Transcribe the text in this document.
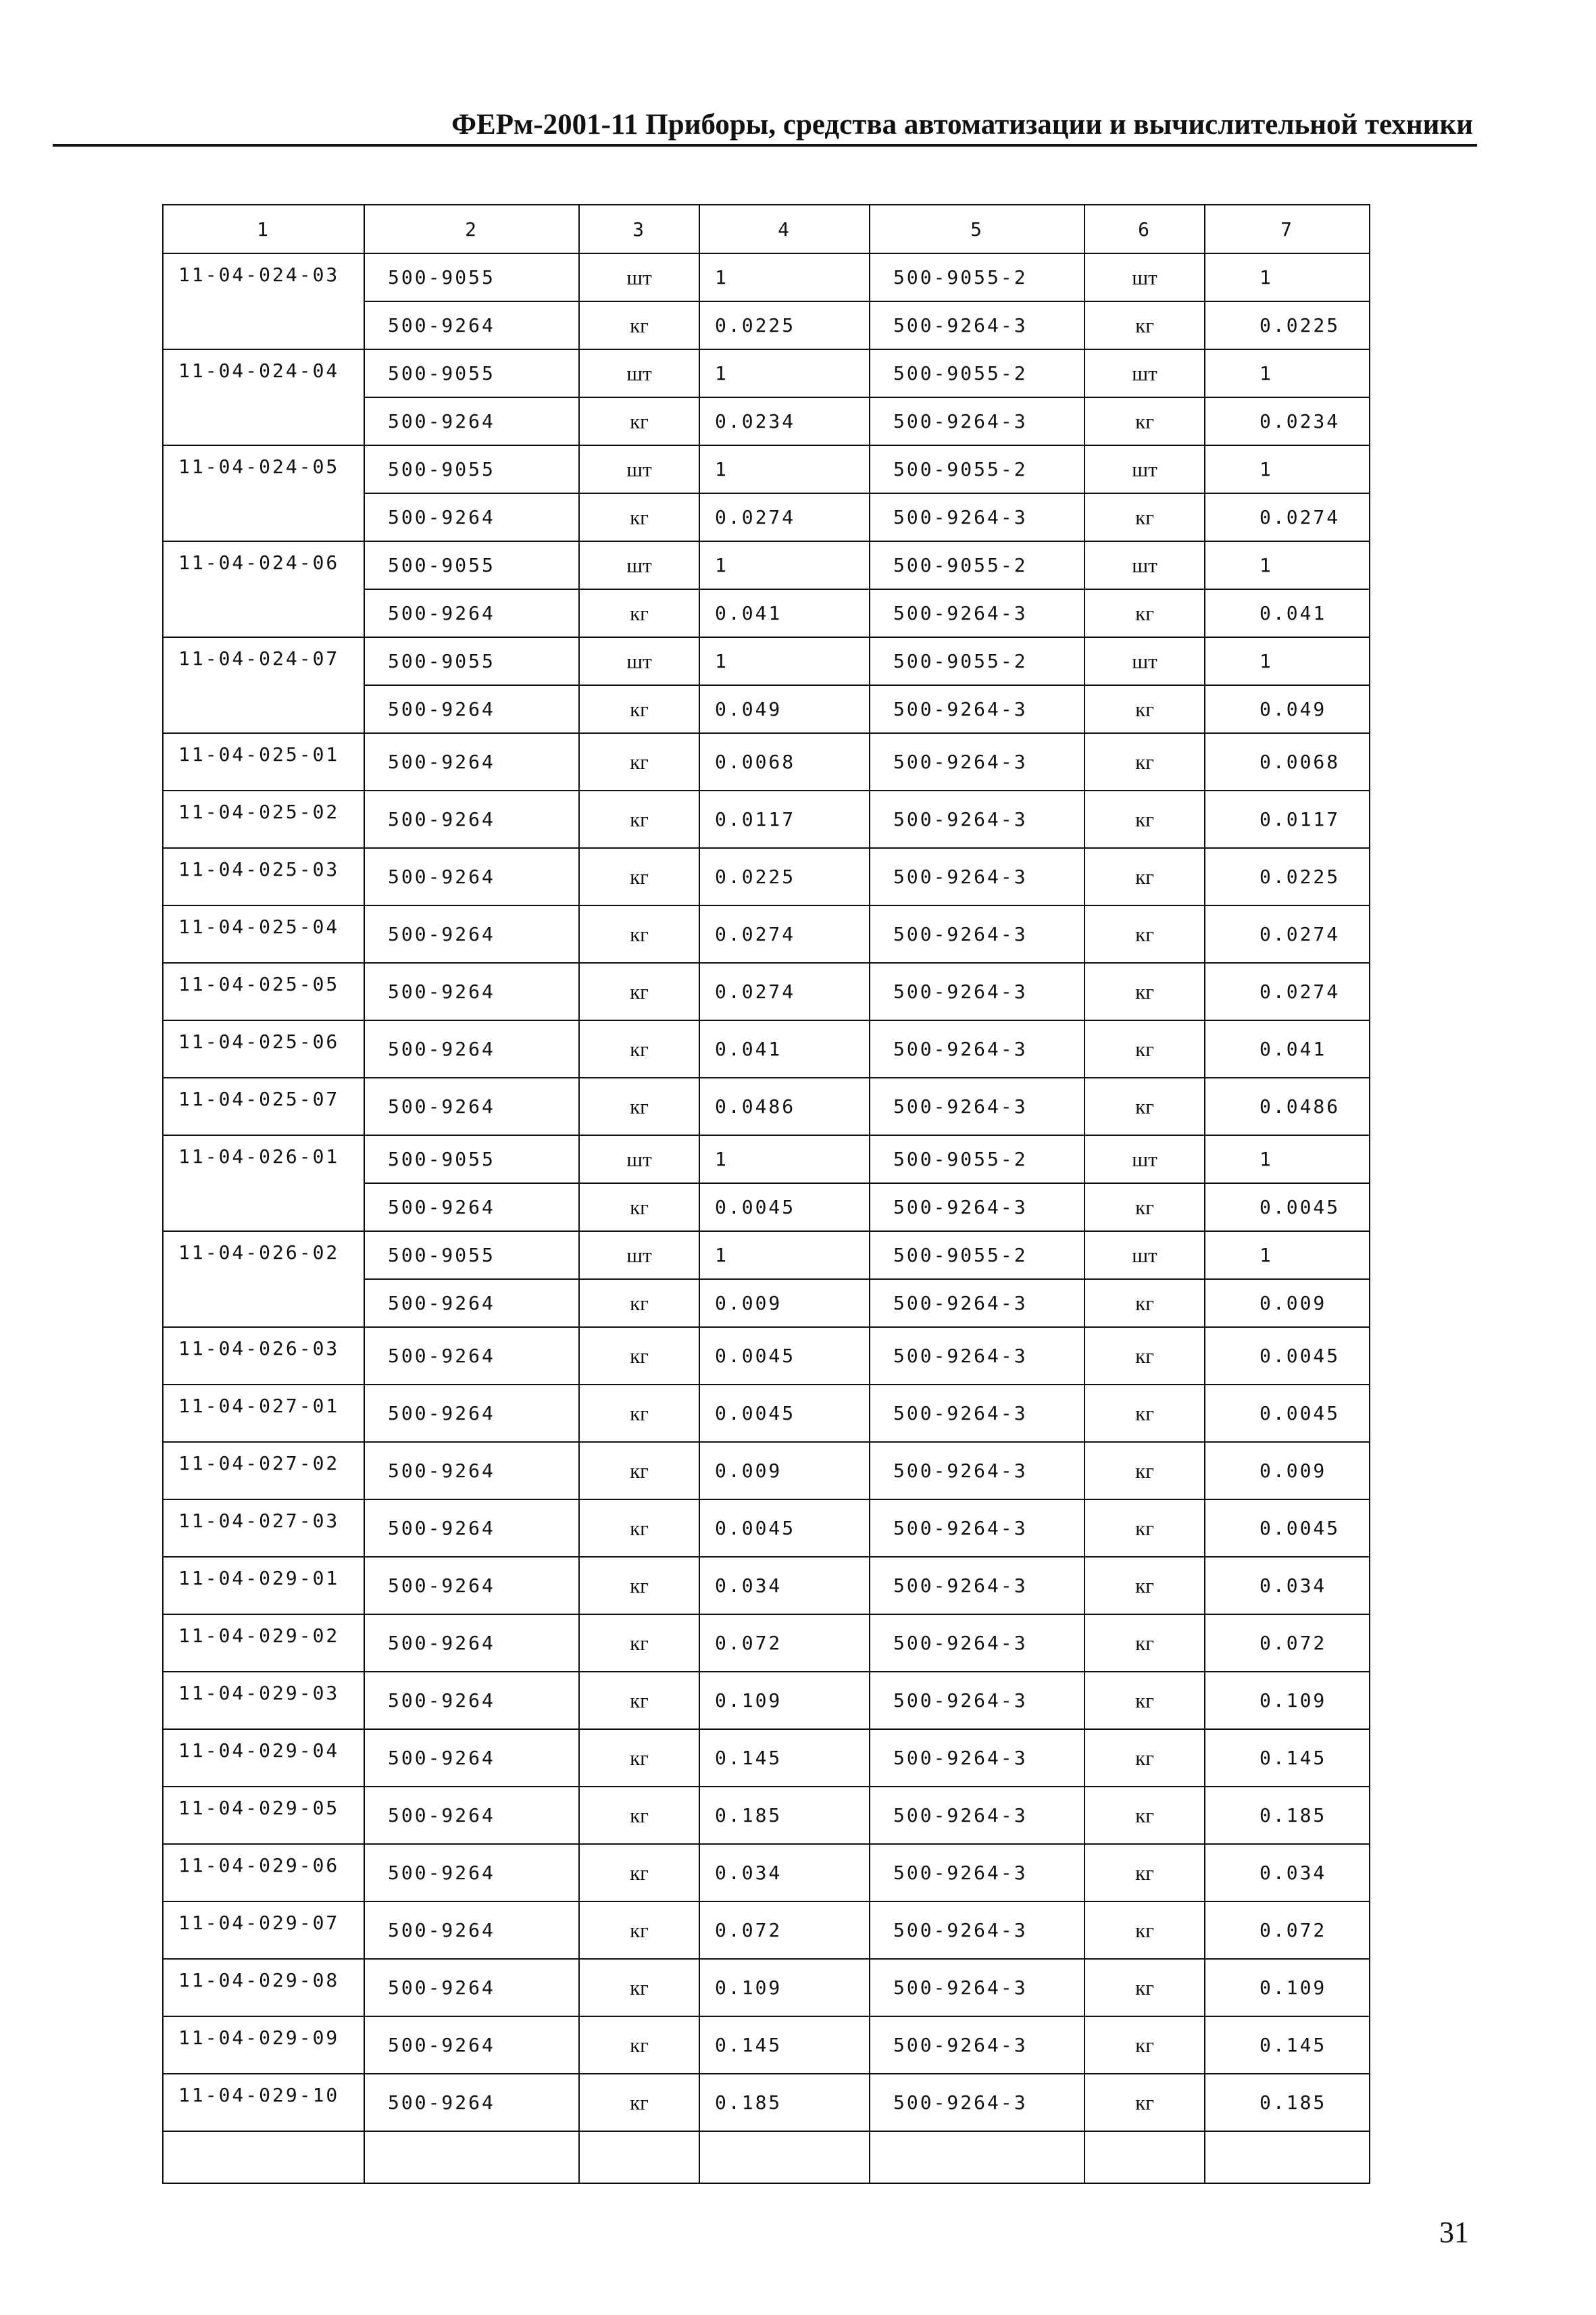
ФЕРм-2001-11 Приборы, средства автоматизации и вычислительной техники
1	2	3	4	5	6	7
11-04-024-03	500-9055	шт	1	500-9055-2	шт	1
	500-9264	кг	0.0225	500-9264-3	кг	0.0225
11-04-024-04	500-9055	шт	1	500-9055-2	шт	1
	500-9264	кг	0.0234	500-9264-3	кг	0.0234
11-04-024-05	500-9055	шт	1	500-9055-2	шт	1
	500-9264	кг	0.0274	500-9264-3	кг	0.0274
11-04-024-06	500-9055	шт	1	500-9055-2	шт	1
	500-9264	кг	0.041	500-9264-3	кг	0.041
11-04-024-07	500-9055	шт	1	500-9055-2	шт	1
	500-9264	кг	0.049	500-9264-3	кг	0.049
11-04-025-01	500-9264	кг	0.0068	500-9264-3	кг	0.0068
11-04-025-02	500-9264	кг	0.0117	500-9264-3	кг	0.0117
11-04-025-03	500-9264	кг	0.0225	500-9264-3	кг	0.0225
11-04-025-04	500-9264	кг	0.0274	500-9264-3	кг	0.0274
11-04-025-05	500-9264	кг	0.0274	500-9264-3	кг	0.0274
11-04-025-06	500-9264	кг	0.041	500-9264-3	кг	0.041
11-04-025-07	500-9264	кг	0.0486	500-9264-3	кг	0.0486
11-04-026-01	500-9055	шт	1	500-9055-2	шт	1
	500-9264	кг	0.0045	500-9264-3	кг	0.0045
11-04-026-02	500-9055	шт	1	500-9055-2	шт	1
	500-9264	кг	0.009	500-9264-3	кг	0.009
11-04-026-03	500-9264	кг	0.0045	500-9264-3	кг	0.0045
11-04-027-01	500-9264	кг	0.0045	500-9264-3	кг	0.0045
11-04-027-02	500-9264	кг	0.009	500-9264-3	кг	0.009
11-04-027-03	500-9264	кг	0.0045	500-9264-3	кг	0.0045
11-04-029-01	500-9264	кг	0.034	500-9264-3	кг	0.034
11-04-029-02	500-9264	кг	0.072	500-9264-3	кг	0.072
11-04-029-03	500-9264	кг	0.109	500-9264-3	кг	0.109
11-04-029-04	500-9264	кг	0.145	500-9264-3	кг	0.145
11-04-029-05	500-9264	кг	0.185	500-9264-3	кг	0.185
11-04-029-06	500-9264	кг	0.034	500-9264-3	кг	0.034
11-04-029-07	500-9264	кг	0.072	500-9264-3	кг	0.072
11-04-029-08	500-9264	кг	0.109	500-9264-3	кг	0.109
11-04-029-09	500-9264	кг	0.145	500-9264-3	кг	0.145
11-04-029-10	500-9264	кг	0.185	500-9264-3	кг	0.185

31
